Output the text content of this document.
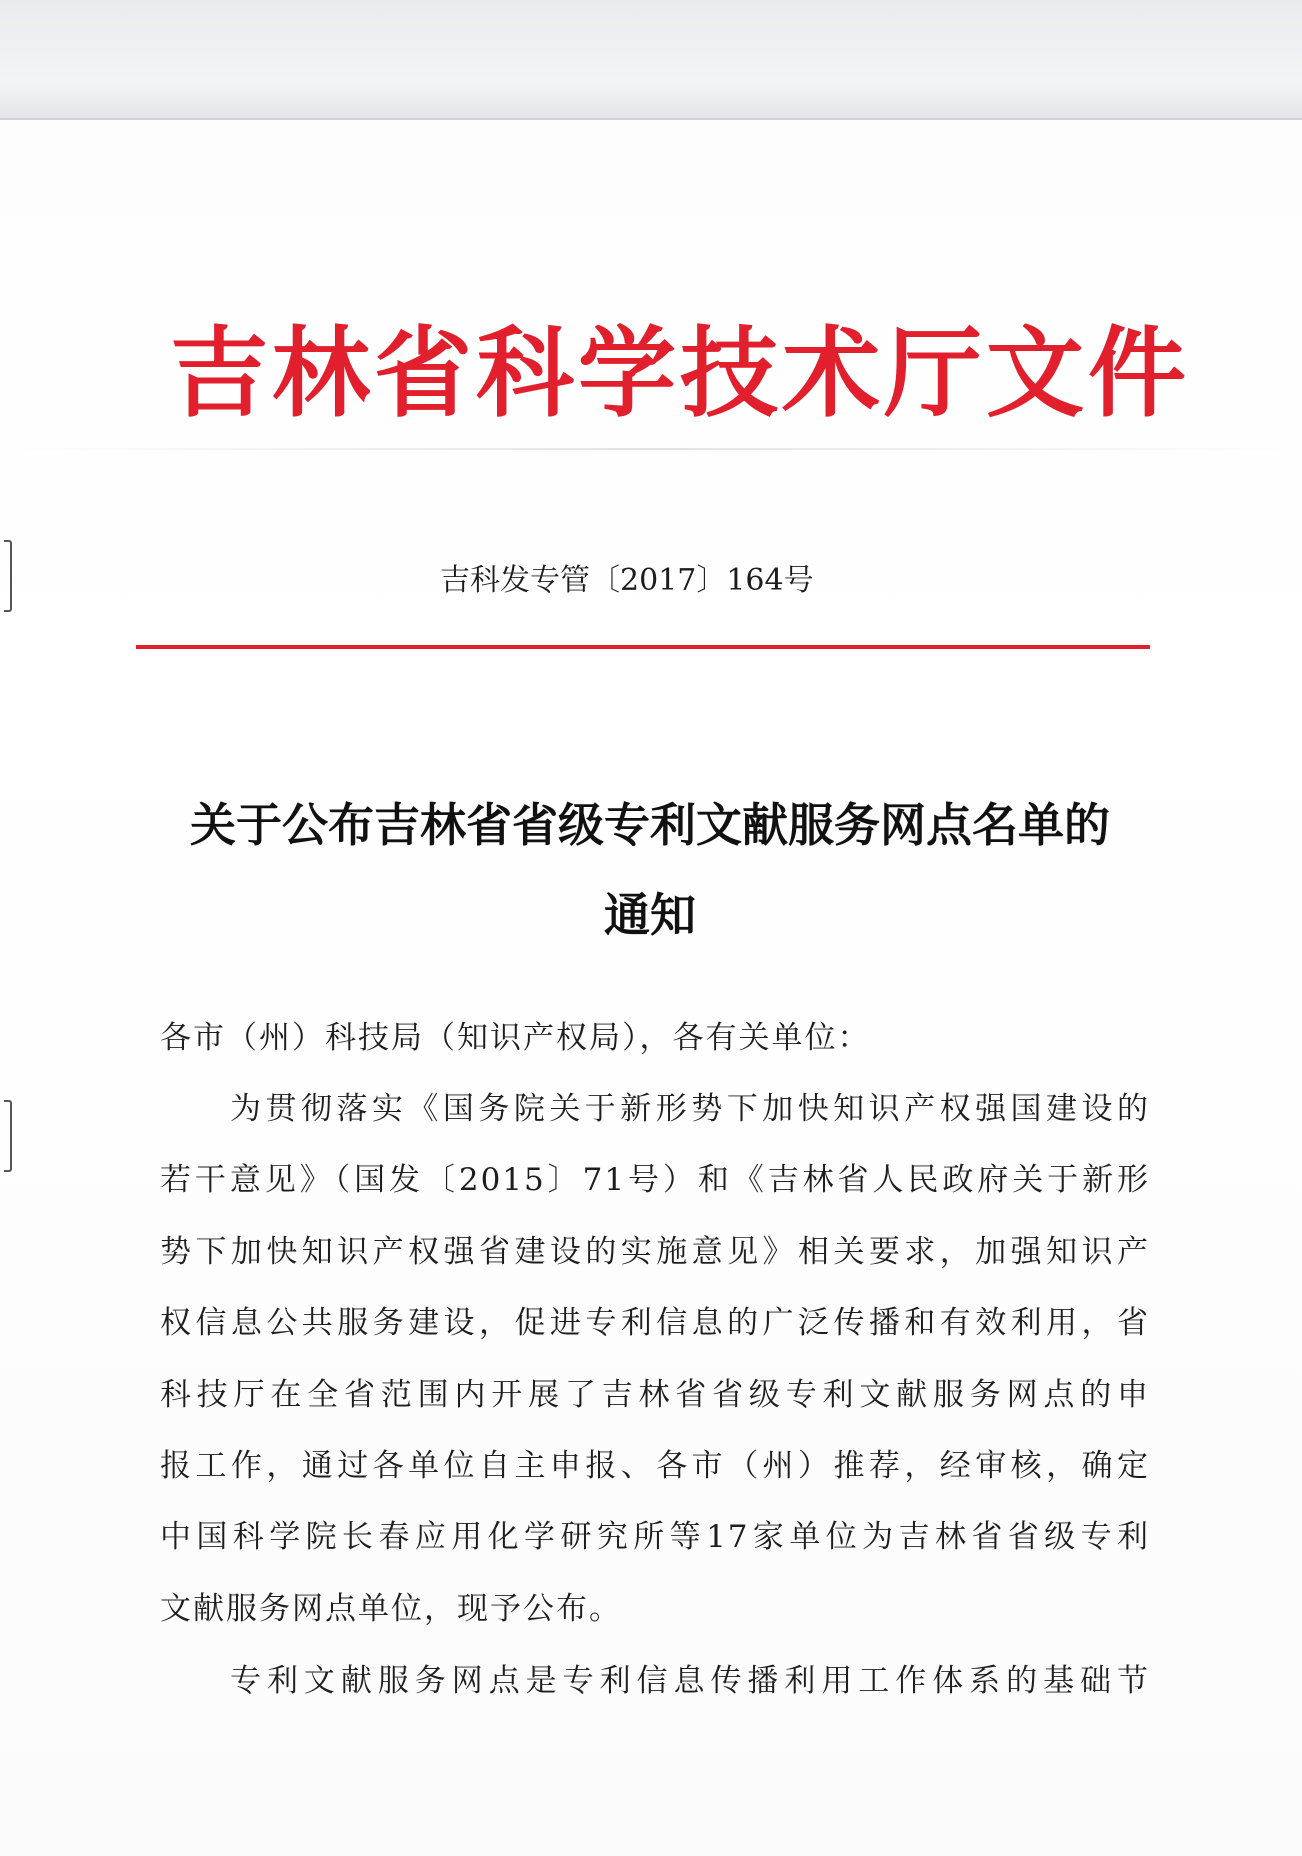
吉林省科学技术厅文件
吉科发专管〔2017〕164号
关于公布吉林省省级专利文献服务网点名单的
通知
各市（州）科技局（知识产权局），各有关单位：
为贯彻落实《国务院关于新形势下加快知识产权强国建设的
若干意见》（国发〔2015〕71号）和《吉林省人民政府关于新形
势下加快知识产权强省建设的实施意见》相关要求，加强知识产
权信息公共服务建设，促进专利信息的广泛传播和有效利用，省
科技厅在全省范围内开展了吉林省省级专利文献服务网点的申
报工作，通过各单位自主申报、各市（州）推荐，经审核，确定
中国科学院长春应用化学研究所等17家单位为吉林省省级专利
文献服务网点单位，现予公布。
专利文献服务网点是专利信息传播利用工作体系的基础节
